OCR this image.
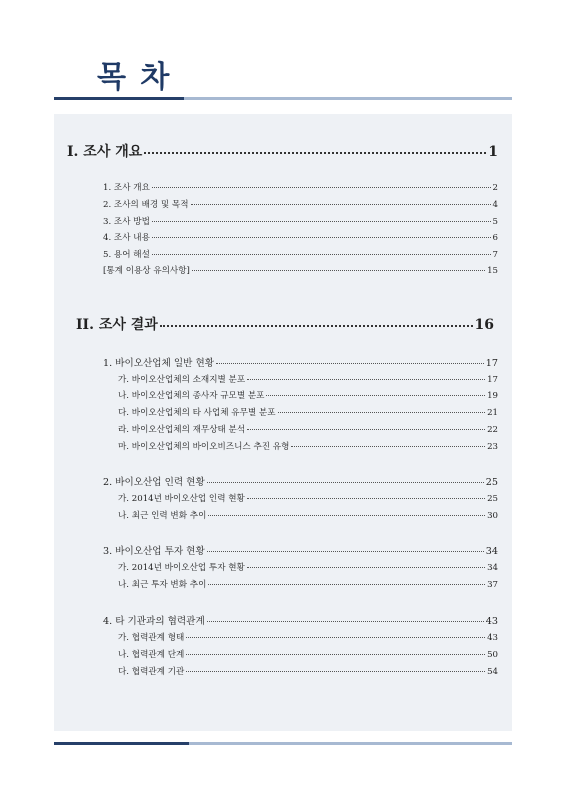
목 차
I. 조사 개요	1
1. 조사 개요	2
2. 조사의 배경 및 목적	4
3. 조사 방법	5
4. 조사 내용	6
5. 용어 해설	7
[통계 이용상 유의사항]	15
II. 조사 결과	16
1. 바이오산업체 일반 현황	17
가. 바이오산업체의 소재지별 분포	17
나. 바이오산업체의 종사자 규모별 분포	19
다. 바이오산업체의 타 사업체 유무별 분포	21
라. 바이오산업체의 재무상태 분석	22
마. 바이오산업체의 바이오비즈니스 추진 유형	23
2. 바이오산업 인력 현황	25
가. 2014년 바이오산업 인력 현황	25
나. 최근 인력 변화 추이	30
3. 바이오산업 투자 현황	34
가. 2014년 바이오산업 투자 현황	34
나. 최근 투자 변화 추이	37
4. 타 기관과의 협력관계	43
가. 협력관계 형태	43
나. 협력관계 단계	50
다. 협력관계 기관	54
